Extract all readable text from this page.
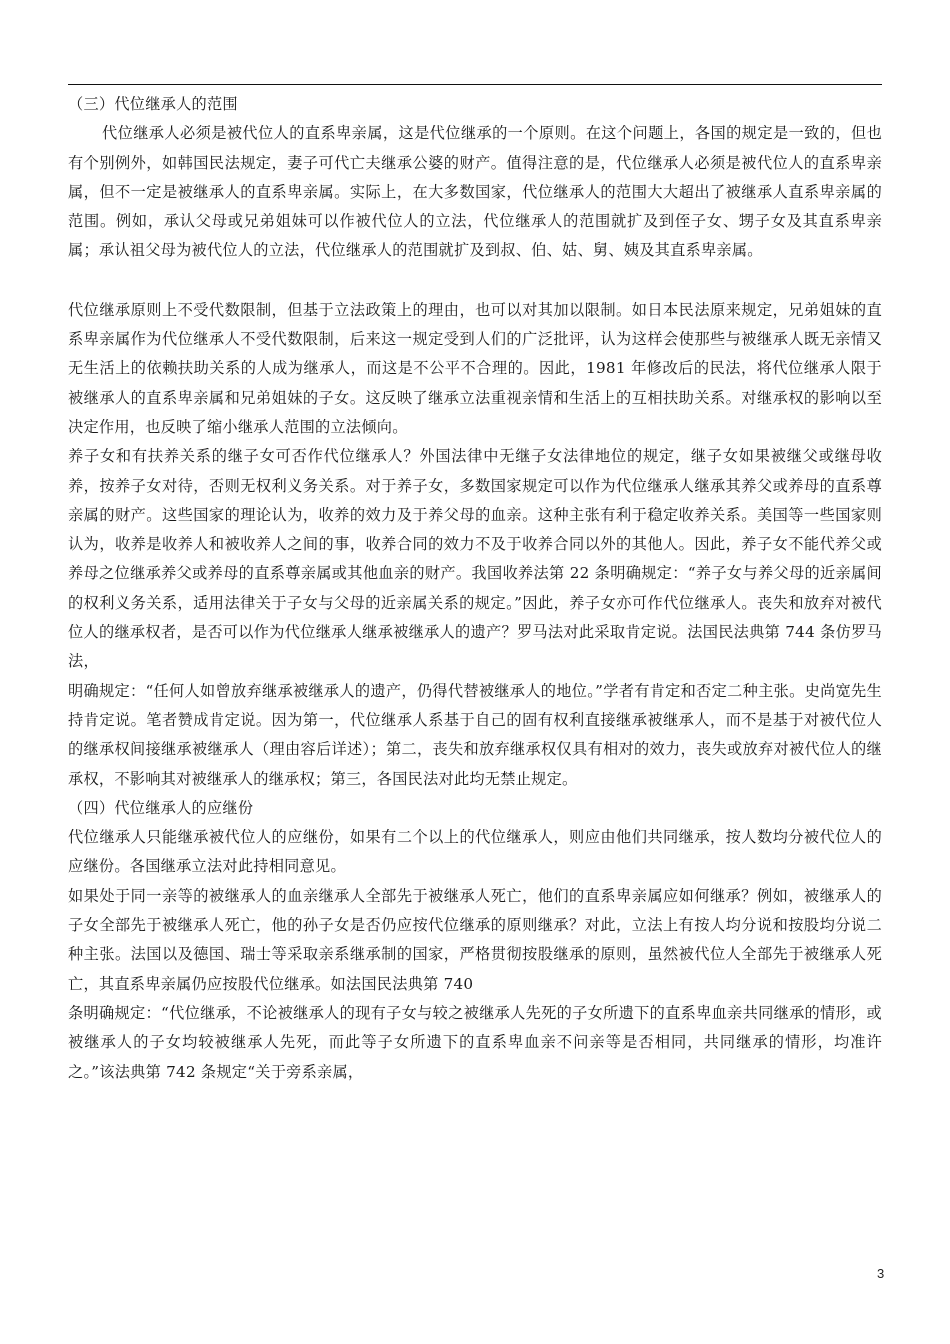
（三）代位继承人的范围

代位继承人必须是被代位人的直系卑亲属，这是代位继承的一个原则。在这个问题上，各国的规定是一致的，但也有个别例外，如韩国民法规定，妻子可代亡夫继承公婆的财产。值得注意的是，代位继承人必须是被代位人的直系卑亲属，但不一定是被继承人的直系卑亲属。实际上，在大多数国家，代位继承人的范围大大超出了被继承人直系卑亲属的范围。例如，承认父母或兄弟姐妹可以作被代位人的立法，代位继承人的范围就扩及到侄子女、甥子女及其直系卑亲属；承认祖父母为被代位人的立法，代位继承人的范围就扩及到叔、伯、姑、舅、姨及其直系卑亲属。

代位继承原则上不受代数限制，但基于立法政策上的理由，也可以对其加以限制。如日本民法原来规定，兄弟姐妹的直系卑亲属作为代位继承人不受代数限制，后来这一规定受到人们的广泛批评，认为这样会使那些与被继承人既无亲情又无生活上的依赖扶助关系的人成为继承人，而这是不公平不合理的。因此，1981 年修改后的民法，将代位继承人限于被继承人的直系卑亲属和兄弟姐妹的子女。这反映了继承立法重视亲情和生活上的互相扶助关系。对继承权的影响以至决定作用，也反映了缩小继承人范围的立法倾向。

养子女和有扶养关系的继子女可否作代位继承人？外国法律中无继子女法律地位的规定，继子女如果被继父或继母收养，按养子女对待，否则无权利义务关系。对于养子女，多数国家规定可以作为代位继承人继承其养父或养母的直系尊亲属的财产。这些国家的理论认为，收养的效力及于养父母的血亲。这种主张有利于稳定收养关系。美国等一些国家则认为，收养是收养人和被收养人之间的事，收养合同的效力不及于收养合同以外的其他人。因此，养子女不能代养父或养母之位继承养父或养母的直系尊亲属或其他血亲的财产。我国收养法第 22 条明确规定：“养子女与养父母的近亲属间的权利义务关系，适用法律关于子女与父母的近亲属关系的规定。”因此，养子女亦可作代位继承人。丧失和放弃对被代位人的继承权者，是否可以作为代位继承人继承被继承人的遗产？罗马法对此采取肯定说。法国民法典第 744 条仿罗马法，

明确规定：“任何人如曾放弃继承被继承人的遗产，仍得代替被继承人的地位。”学者有肯定和否定二种主张。史尚宽先生持肯定说。笔者赞成肯定说。因为第一，代位继承人系基于自己的固有权利直接继承被继承人，而不是基于对被代位人的继承权间接继承被继承人（理由容后详述）；第二，丧失和放弃继承权仅具有相对的效力，丧失或放弃对被代位人的继承权，不影响其对被继承人的继承权；第三，各国民法对此均无禁止规定。

（四）代位继承人的应继份

代位继承人只能继承被代位人的应继份，如果有二个以上的代位继承人，则应由他们共同继承，按人数均分被代位人的应继份。各国继承立法对此持相同意见。

如果处于同一亲等的被继承人的血亲继承人全部先于被继承人死亡，他们的直系卑亲属应如何继承？例如，被继承人的子女全部先于被继承人死亡，他的孙子女是否仍应按代位继承的原则继承？对此，立法上有按人均分说和按股均分说二种主张。法国以及德国、瑞士等采取亲系继承制的国家，严格贯彻按股继承的原则，虽然被代位人全部先于被继承人死亡，其直系卑亲属仍应按股代位继承。如法国民法典第 740

条明确规定：“代位继承，不论被继承人的现有子女与较之被继承人先死的子女所遗下的直系卑血亲共同继承的情形，或被继承人的子女均较被继承人先死，而此等子女所遗下的直系卑血亲不问亲等是否相同，共同继承的情形，均准许之。”该法典第 742 条规定“关于旁系亲属，

3
